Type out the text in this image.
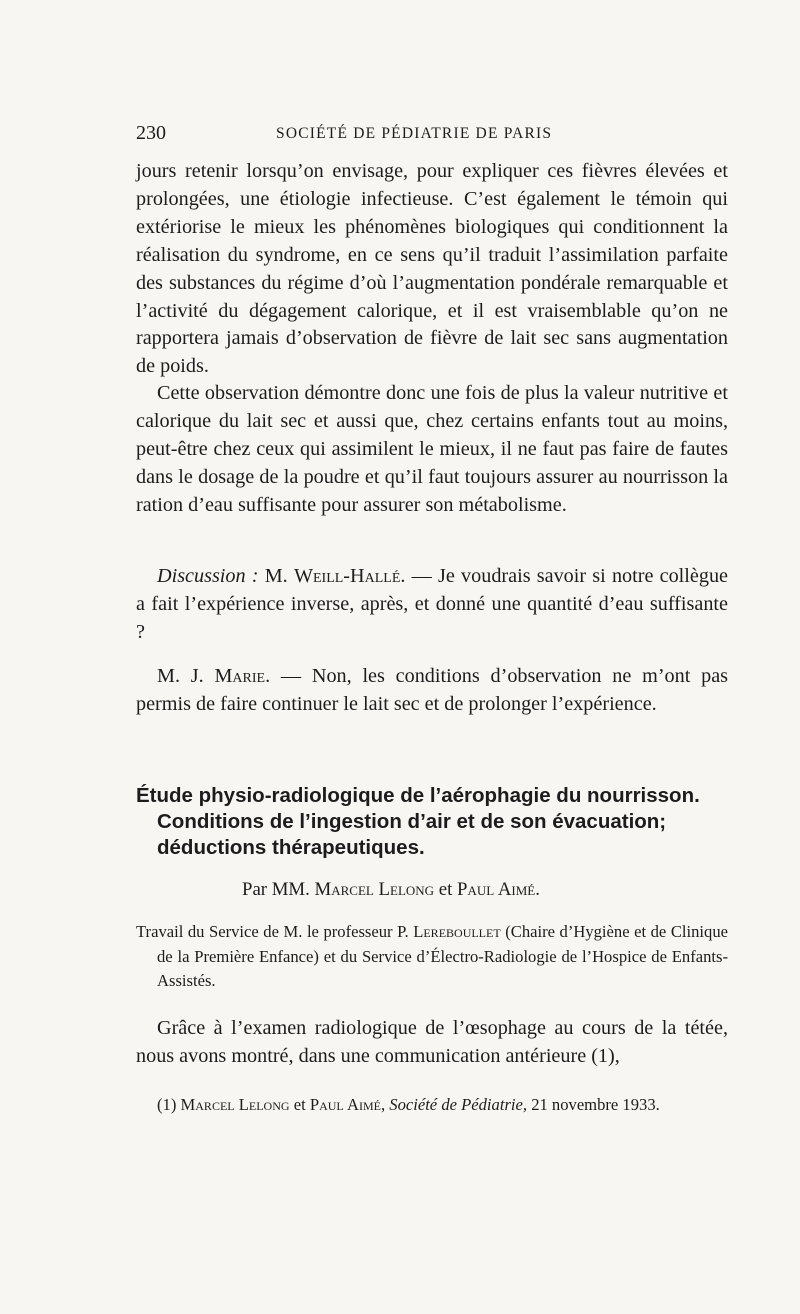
230	SOCIÉTÉ DE PÉDIATRIE DE PARIS

jours retenir lorsqu’on envisage, pour expliquer ces fièvres élevées et prolongées, une étiologie infectieuse. C’est également le témoin qui extériorise le mieux les phénomènes biologiques qui conditionnent la réalisation du syndrome, en ce sens qu’il traduit l’assimilation parfaite des substances du régime d’où l’augmentation pondérale remarquable et l’activité du dégagement calorique, et il est vraisemblable qu’on ne rapportera jamais d’observation de fièvre de lait sec sans augmentation de poids.

Cette observation démontre donc une fois de plus la valeur nutritive et calorique du lait sec et aussi que, chez certains enfants tout au moins, peut-être chez ceux qui assimilent le mieux, il ne faut pas faire de fautes dans le dosage de la poudre et qu’il faut toujours assurer au nourrisson la ration d’eau suffisante pour assurer son métabolisme.

Discussion : M. Weill-Hallé. — Je voudrais savoir si notre collègue a fait l’expérience inverse, après, et donné une quantité d’eau suffisante ?

M. J. Marie. — Non, les conditions d’observation ne m’ont pas permis de faire continuer le lait sec et de prolonger l’expérience.

Étude physio-radiologique de l’aérophagie du nourrisson.
Conditions de l’ingestion d’air et de son évacuation;
déductions thérapeutiques.

Par MM. Marcel Lelong et Paul Aimé.

Travail du Service de M. le professeur P. Lereboullet (Chaire d’Hygiène et de Clinique de la Première Enfance) et du Service d’Électro-Radiologie de l’Hospice de Enfants-Assistés.

Grâce à l’examen radiologique de l’œsophage au cours de la tétée, nous avons montré, dans une communication antérieure (1),

(1) Marcel Lelong et Paul Aimé, Société de Pédiatrie, 21 novembre 1933.
